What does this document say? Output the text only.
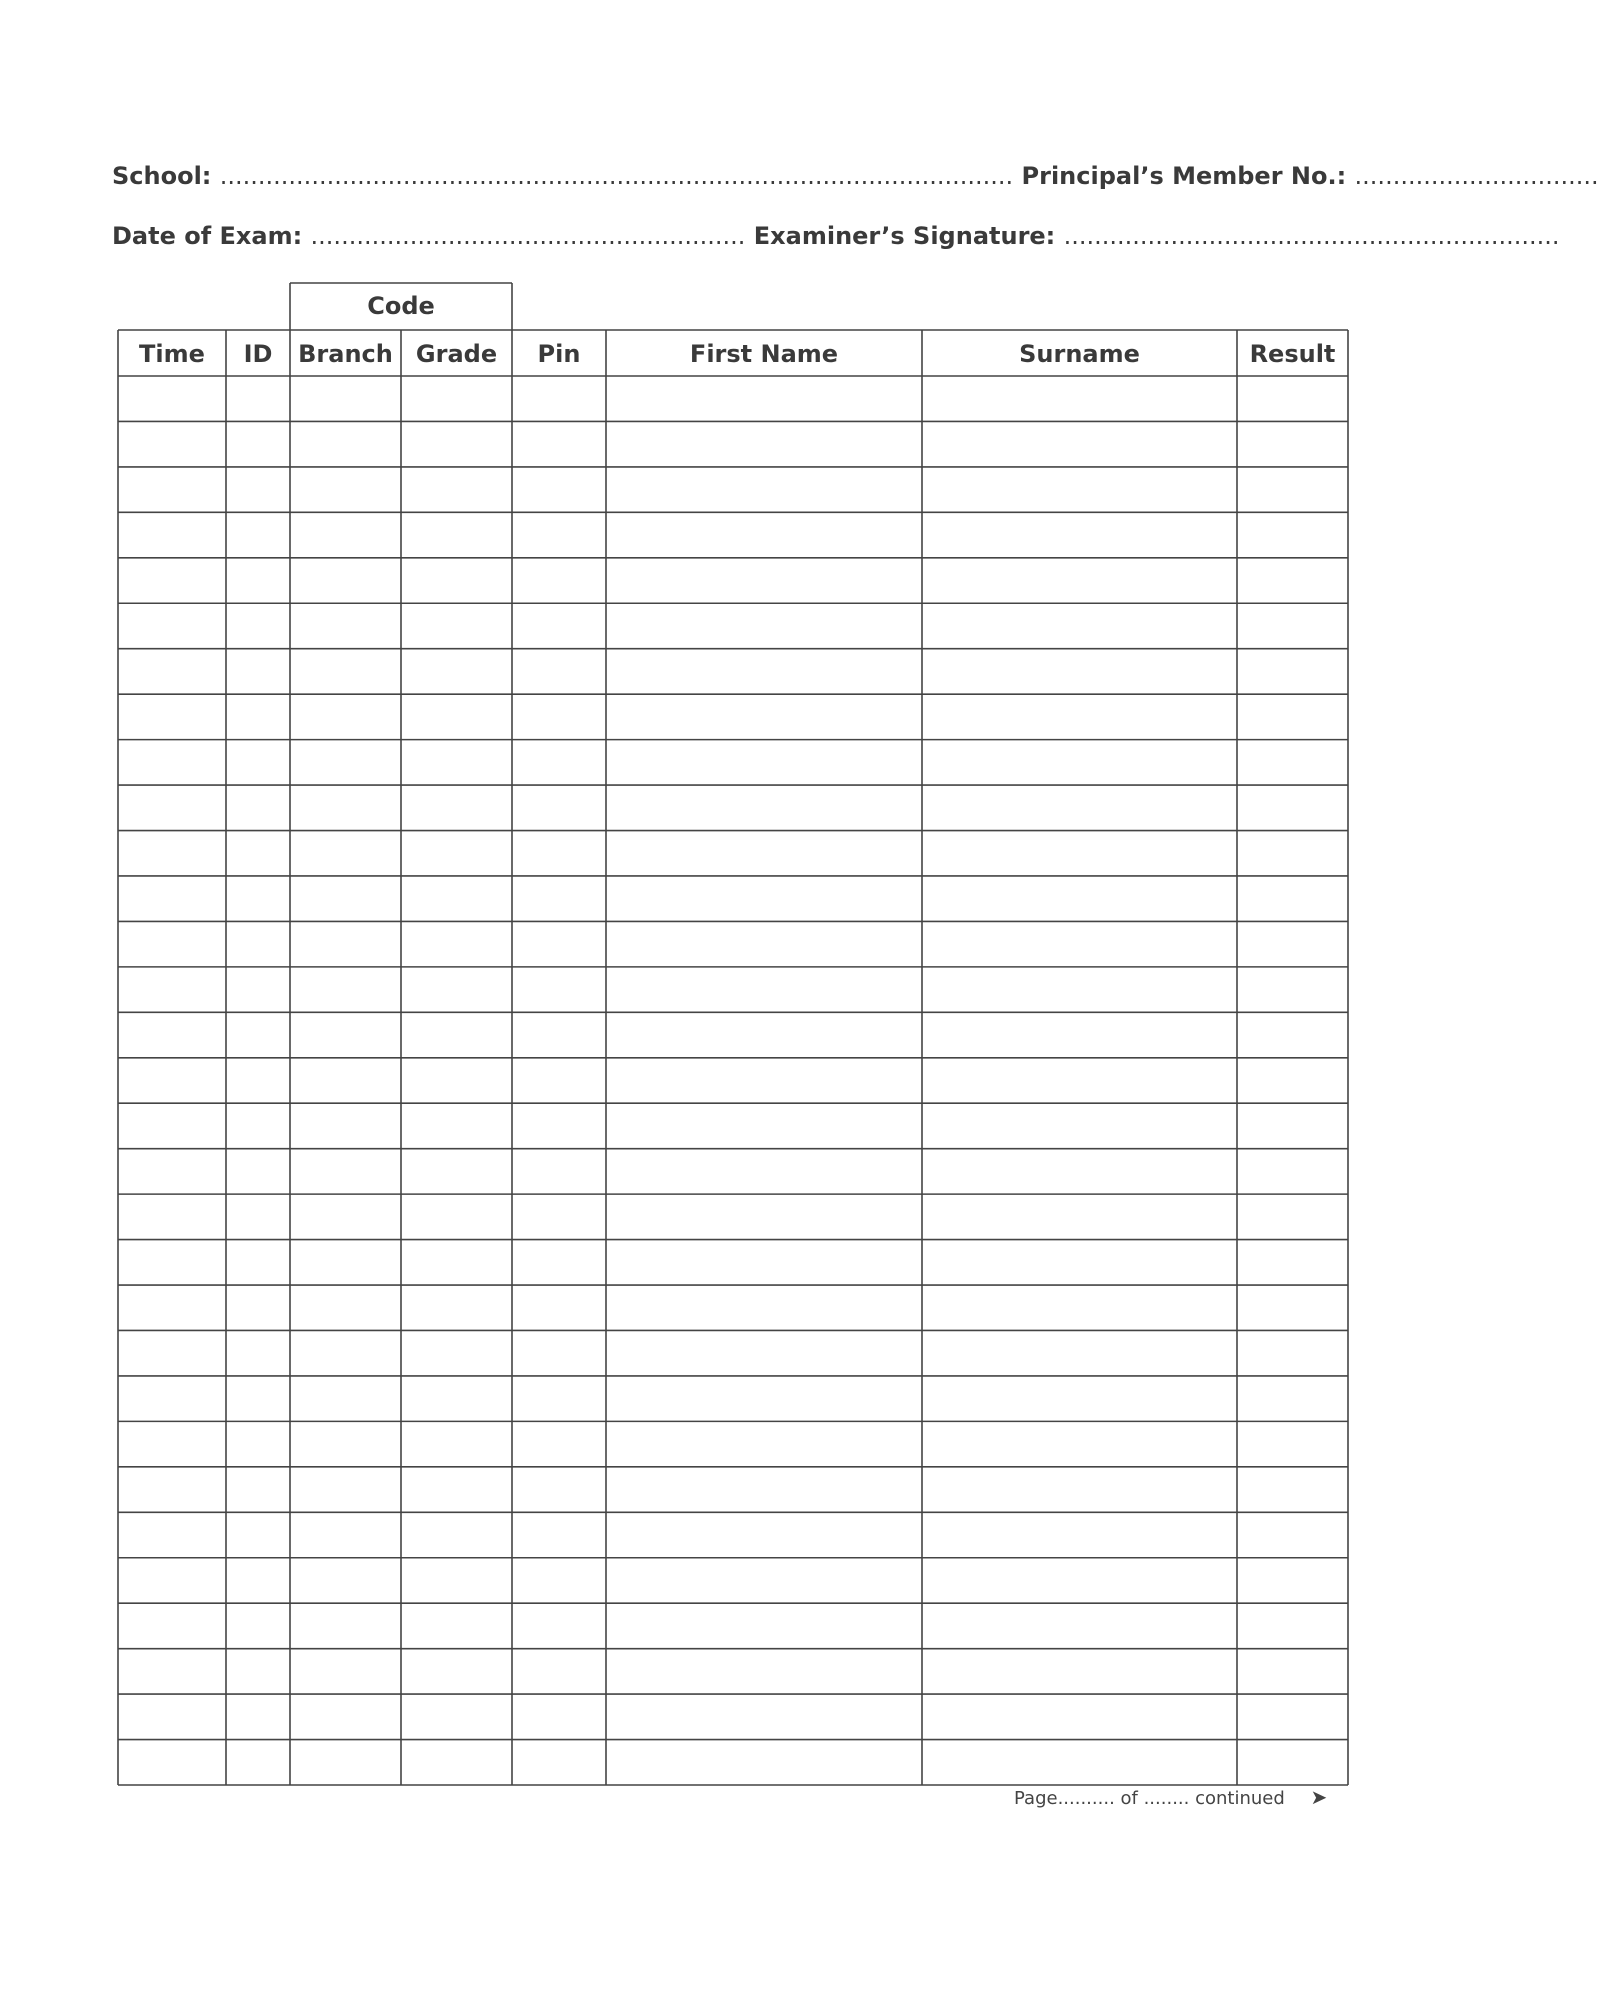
School: ........................................................................................................ Principal’s Member No.: ................................
Date of Exam: ......................................................... Examiner’s Signature: .................................................................
Code
Time ID Branch Grade Pin	First Name	Surname	Result
Page.......... of ........ continued ➤
